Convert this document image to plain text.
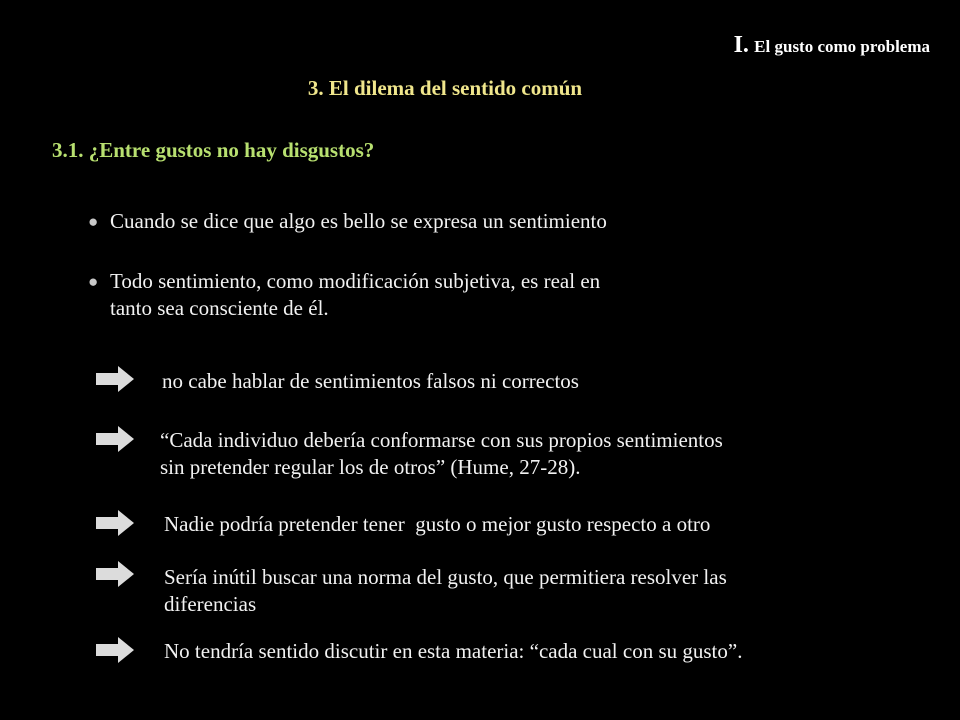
I. El gusto como problema
3. El dilema del sentido común
3.1. ¿Entre gustos no hay disgustos?
● Cuando se dice que algo es bello se expresa un sentimiento
● Todo sentimiento, como modificación subjetiva, es real en
tanto sea consciente de él.
no cabe hablar de sentimientos falsos ni correctos
“Cada individuo debería conformarse con sus propios sentimientos
sin pretender regular los de otros” (Hume, 27-28).
Nadie podría pretender tener  gusto o mejor gusto respecto a otro
Sería inútil buscar una norma del gusto, que permitiera resolver las
diferencias
No tendría sentido discutir en esta materia: “cada cual con su gusto”.
